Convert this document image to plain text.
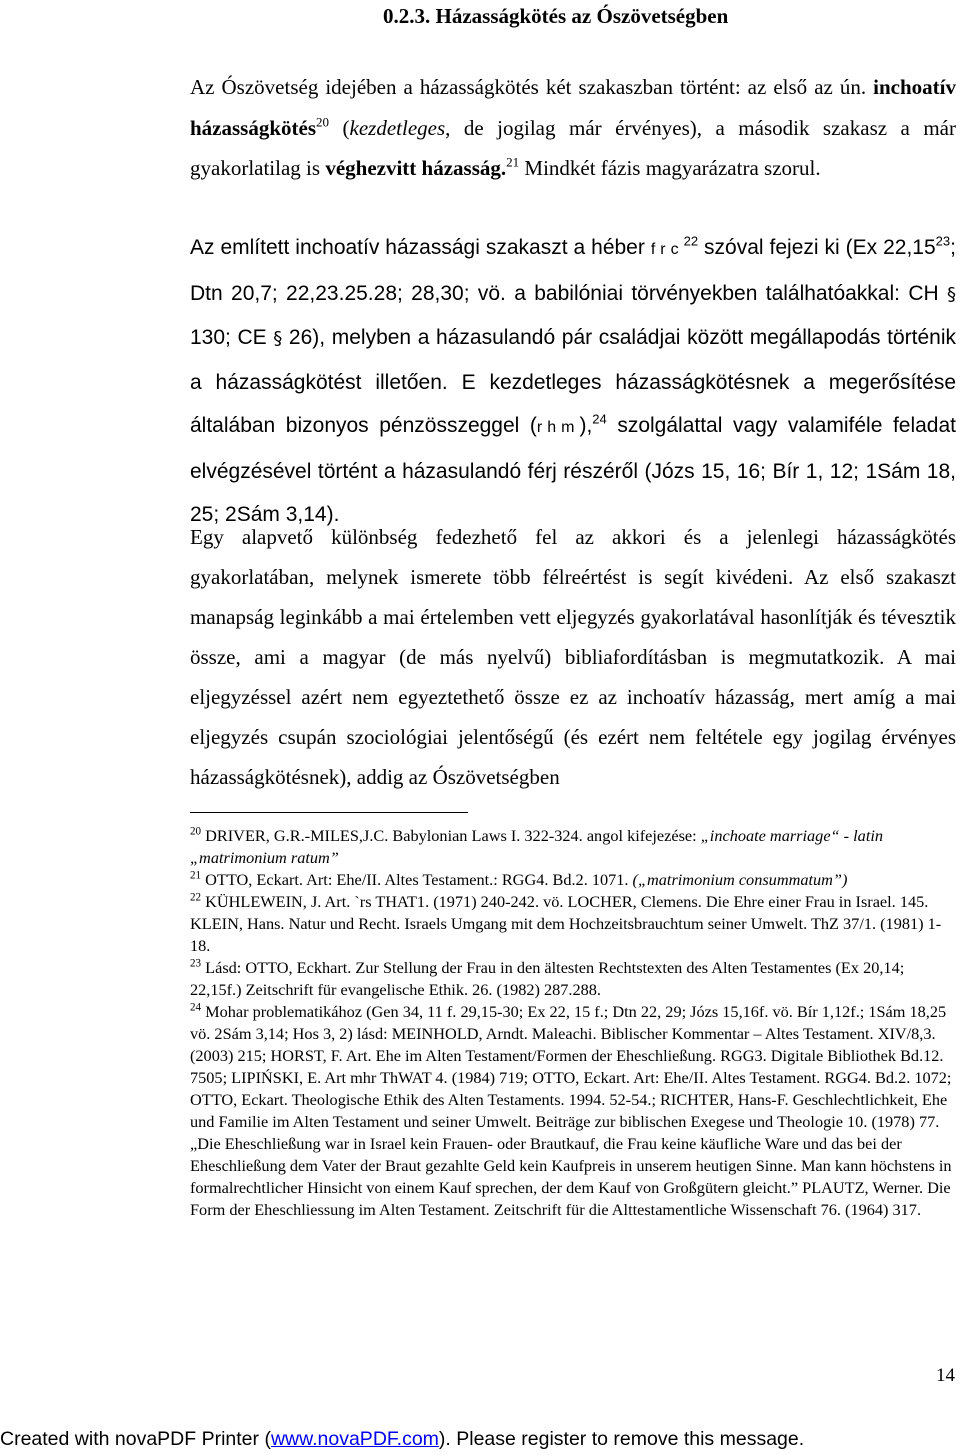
0.2.3. Házasságkötés az Ószövetségben

Az Ószövetség idejében a házasságkötés két szakaszban történt: az első az ún. inchoatív házasságkötés$^{20}$ (kezdetleges, de jogilag már érvényes), a második szakasz a már gyakorlatilag is véghezvitt házasság.$^{21}$ Mindkét fázis magyarázatra szorul.

Az említett inchoatív házassági szakaszt a héber frc$^{22}$ szóval fejezi ki (Ex 22,15$^{23}$; Dtn 20,7; 22,23.25.28; 28,30; vö. a babilóniai törvényekben találhatóakkal: CH § 130; CE § 26), melyben a házasulandó pár családjai között megállapodás történik a házasságkötést illetően. E kezdetleges házasságkötésnek a megerősítése általában bizonyos pénzösszeggel (rhm),$^{24}$ szolgálattal vagy valamiféle feladat elvégzésével történt a házasulandó férj részéről (Józs 15, 16; Bír 1, 12; 1Sám 18, 25; 2Sám 3,14).

Egy alapvető különbség fedezhető fel az akkori és a jelenlegi házasságkötés gyakorlatában, melynek ismerete több félreértést is segít kivédeni. Az első szakaszt manapság leginkább a mai értelemben vett eljegyzés gyakorlatával hasonlítják és tévesztik össze, ami a magyar (de más nyelvű) bibliafordításban is megmutatkozik. A mai eljegyzéssel azért nem egyeztethető össze ez az inchoatív házasság, mert amíg a mai eljegyzés csupán szociológiai jelentőségű (és ezért nem feltétele egy jogilag érvényes házasságkötésnek), addig az Ószövetségben

$^{20}$ DRIVER, G.R.-MILES,J.C. Babylonian Laws I. 322-324. angol kifejezése: „inchoate marriage“ - latin „matrimonium ratum”

$^{21}$ OTTO, Eckart. Art: Ehe/II. Altes Testament.: RGG4. Bd.2. 1071. („matrimonium consummatum”)

$^{22}$ KÜHLEWEIN, J. Art. `rs THAT1. (1971) 240-242. vö. LOCHER, Clemens. Die Ehre einer Frau in Israel. 145. KLEIN, Hans. Natur und Recht. Israels Umgang mit dem Hochzeitsbrauchtum seiner Umwelt. ThZ 37/1. (1981) 1-18.

$^{23}$ Lásd: OTTO, Eckhart. Zur Stellung der Frau in den ältesten Rechtstexten des Alten Testamentes (Ex 20,14; 22,15f.) Zeitschrift für evangelische Ethik. 26. (1982) 287.288.

$^{24}$ Mohar problematikához (Gen 34, 11 f. 29,15-30; Ex 22, 15 f.; Dtn 22, 29; Józs 15,16f. vö. Bír 1,12f.; 1Sám 18,25 vö. 2Sám 3,14; Hos 3, 2) lásd: MEINHOLD, Arndt. Maleachi. Biblischer Kommentar – Altes Testament. XIV/8,3. (2003) 215; HORST, F. Art. Ehe im Alten Testament/Formen der Eheschließung. RGG3. Digitale Bibliothek Bd.12. 7505; LIPIŃSKI, E. Art mhr ThWAT 4. (1984) 719; OTTO, Eckart. Art: Ehe/II. Altes Testament. RGG4. Bd.2. 1072; OTTO, Eckart. Theologische Ethik des Alten Testaments. 1994. 52-54.; RICHTER, Hans-F. Geschlechtlichkeit, Ehe und Familie im Alten Testament und seiner Umwelt. Beiträge zur biblischen Exegese und Theologie 10. (1978) 77.

„Die Eheschließung war in Israel kein Frauen- oder Brautkauf, die Frau keine käufliche Ware und das bei der Eheschließung dem Vater der Braut gezahlte Geld kein Kaufpreis in unserem heutigen Sinne. Man kann höchstens in formalrechtlicher Hinsicht von einem Kauf sprechen, der dem Kauf von Großgütern gleicht.” PLAUTZ, Werner. Die Form der Eheschliessung im Alten Testament. Zeitschrift für die Alttestamentliche Wissenschaft 76. (1964) 317.

14

Created with novaPDF Printer (www.novaPDF.com). Please register to remove this message.
